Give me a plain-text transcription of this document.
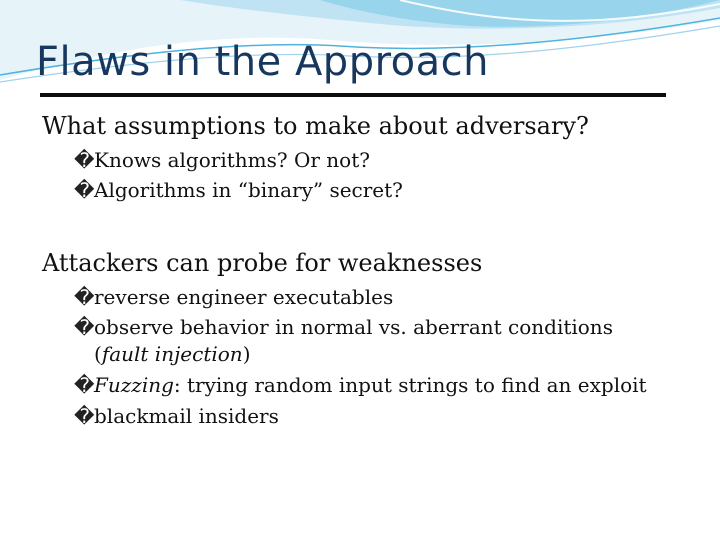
Flaws in the Approach
What assumptions to make about adversary?
�Knows algorithms? Or not?
�Algorithms in “binary” secret?
Attackers can probe for weaknesses
�reverse engineer executables
�observe behavior in normal vs. aberrant conditions
(fault injection)
�Fuzzing: trying random input strings to find an exploit
�blackmail insiders
